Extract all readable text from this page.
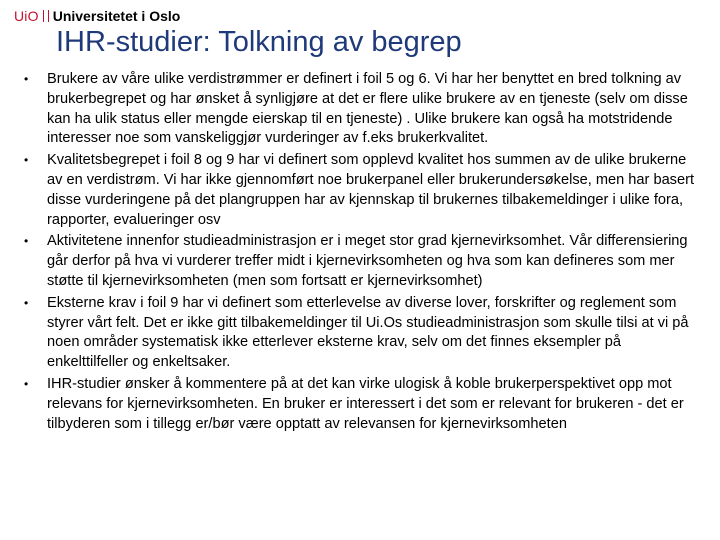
UiO Universitetet i Oslo
IHR-studier: Tolkning av begrep
• Brukere av våre ulike verdistrømmer er definert i foil 5 og 6. Vi har her benyttet en bred tolkning av brukerbegrepet og har ønsket å synligjøre at det er flere ulike brukere av en tjeneste (selv om disse kan ha ulik status eller mengde eierskap til en tjeneste) . Ulike brukere kan også ha motstridende interesser noe som vanskeliggjør vurderinger av f.eks brukerkvalitet.
• Kvalitetsbegrepet i foil 8 og 9 har vi definert som opplevd kvalitet hos summen av de ulike brukerne av en verdistrøm. Vi har ikke gjennomført noe brukerpanel eller brukerundersøkelse, men har basert disse vurderingene på det plangruppen har av kjennskap til brukernes tilbakemeldinger i ulike fora, rapporter, evalueringer osv
• Aktivitetene innenfor studieadministrasjon er i meget stor grad kjernevirksomhet. Vår differensiering går derfor på hva vi vurderer treffer midt i kjernevirksomheten og hva som kan defineres som mer støtte til kjernevirksomheten (men som fortsatt er kjernevirksomhet)
• Eksterne krav i foil 9 har vi definert som etterlevelse av diverse lover, forskrifter og reglement som styrer vårt felt. Det er ikke gitt tilbakemeldinger til Ui.Os studieadministrasjon som skulle tilsi at vi på noen områder systematisk ikke etterlever eksterne krav, selv om det finnes eksempler på enkelttilfeller og enkeltsaker.
• IHR-studier ønsker å kommentere på at det kan virke ulogisk å koble brukerperspektivet opp mot relevans for kjernevirksomheten. En bruker er interessert i det som er relevant for brukeren - det er tilbyderen som i tillegg er/bør være opptatt av relevansen for kjernevirksomheten
